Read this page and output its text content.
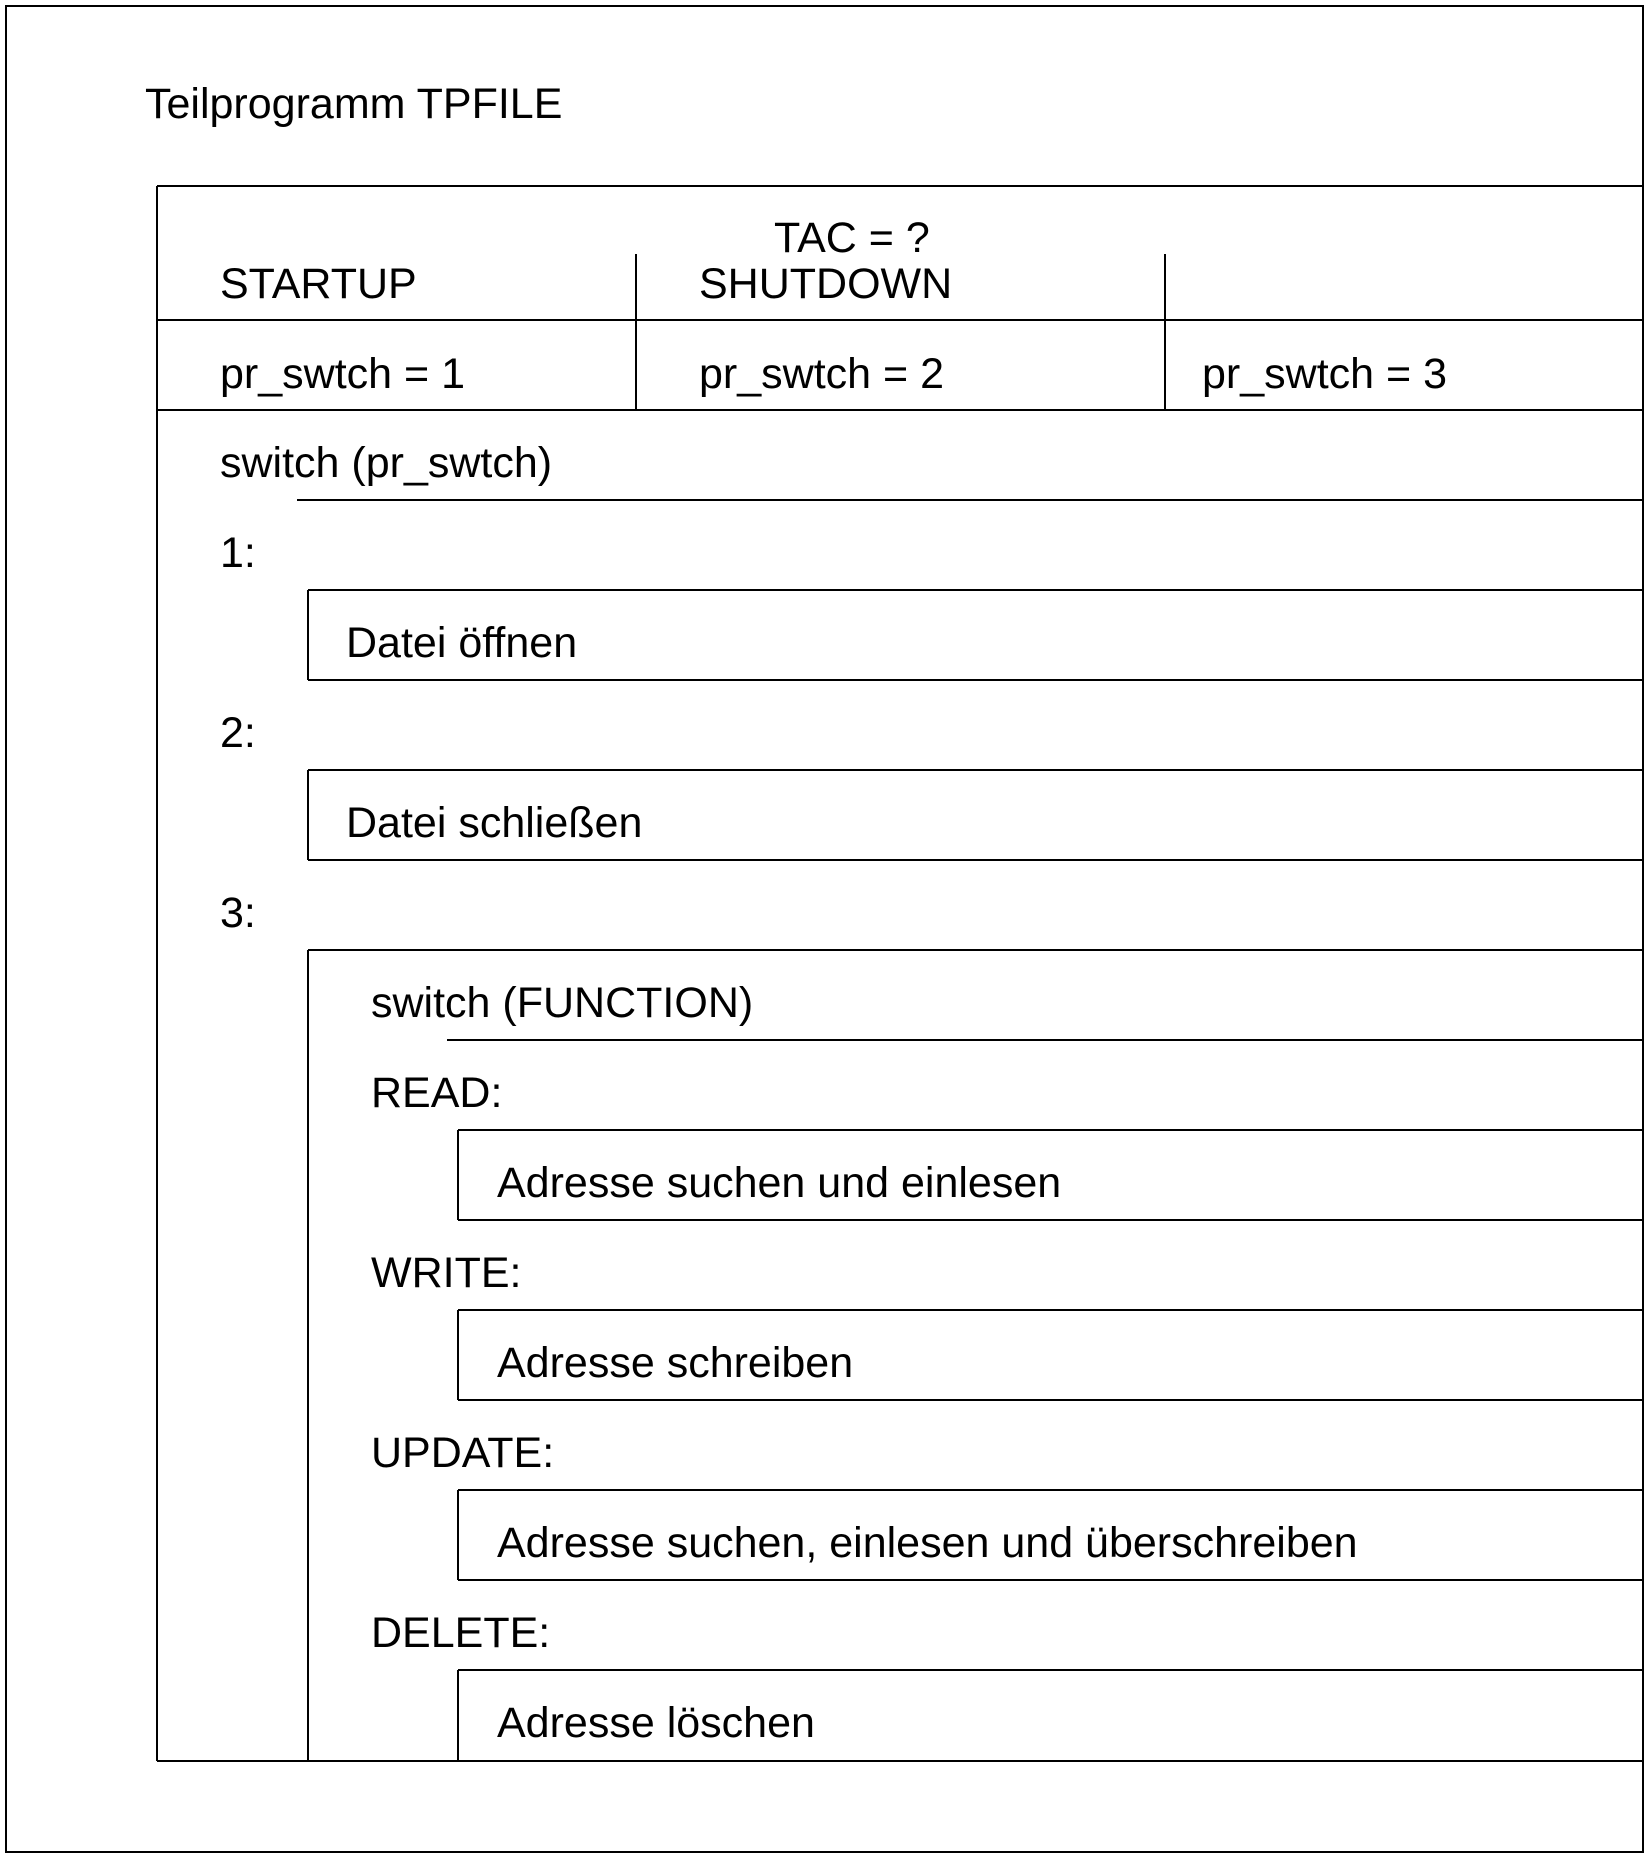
Teilprogramm TPFILE
TAC = ?
STARTUP	SHUTDOWN
pr_swtch = 1	pr_swtch = 2	pr_swtch = 3
switch (pr_swtch)
1:
Datei öffnen
2:
Datei schließen
3:
switch (FUNCTION)
READ:
Adresse suchen und einlesen
WRITE:
Adresse schreiben
UPDATE:
Adresse suchen, einlesen und überschreiben
DELETE:
Adresse löschen
